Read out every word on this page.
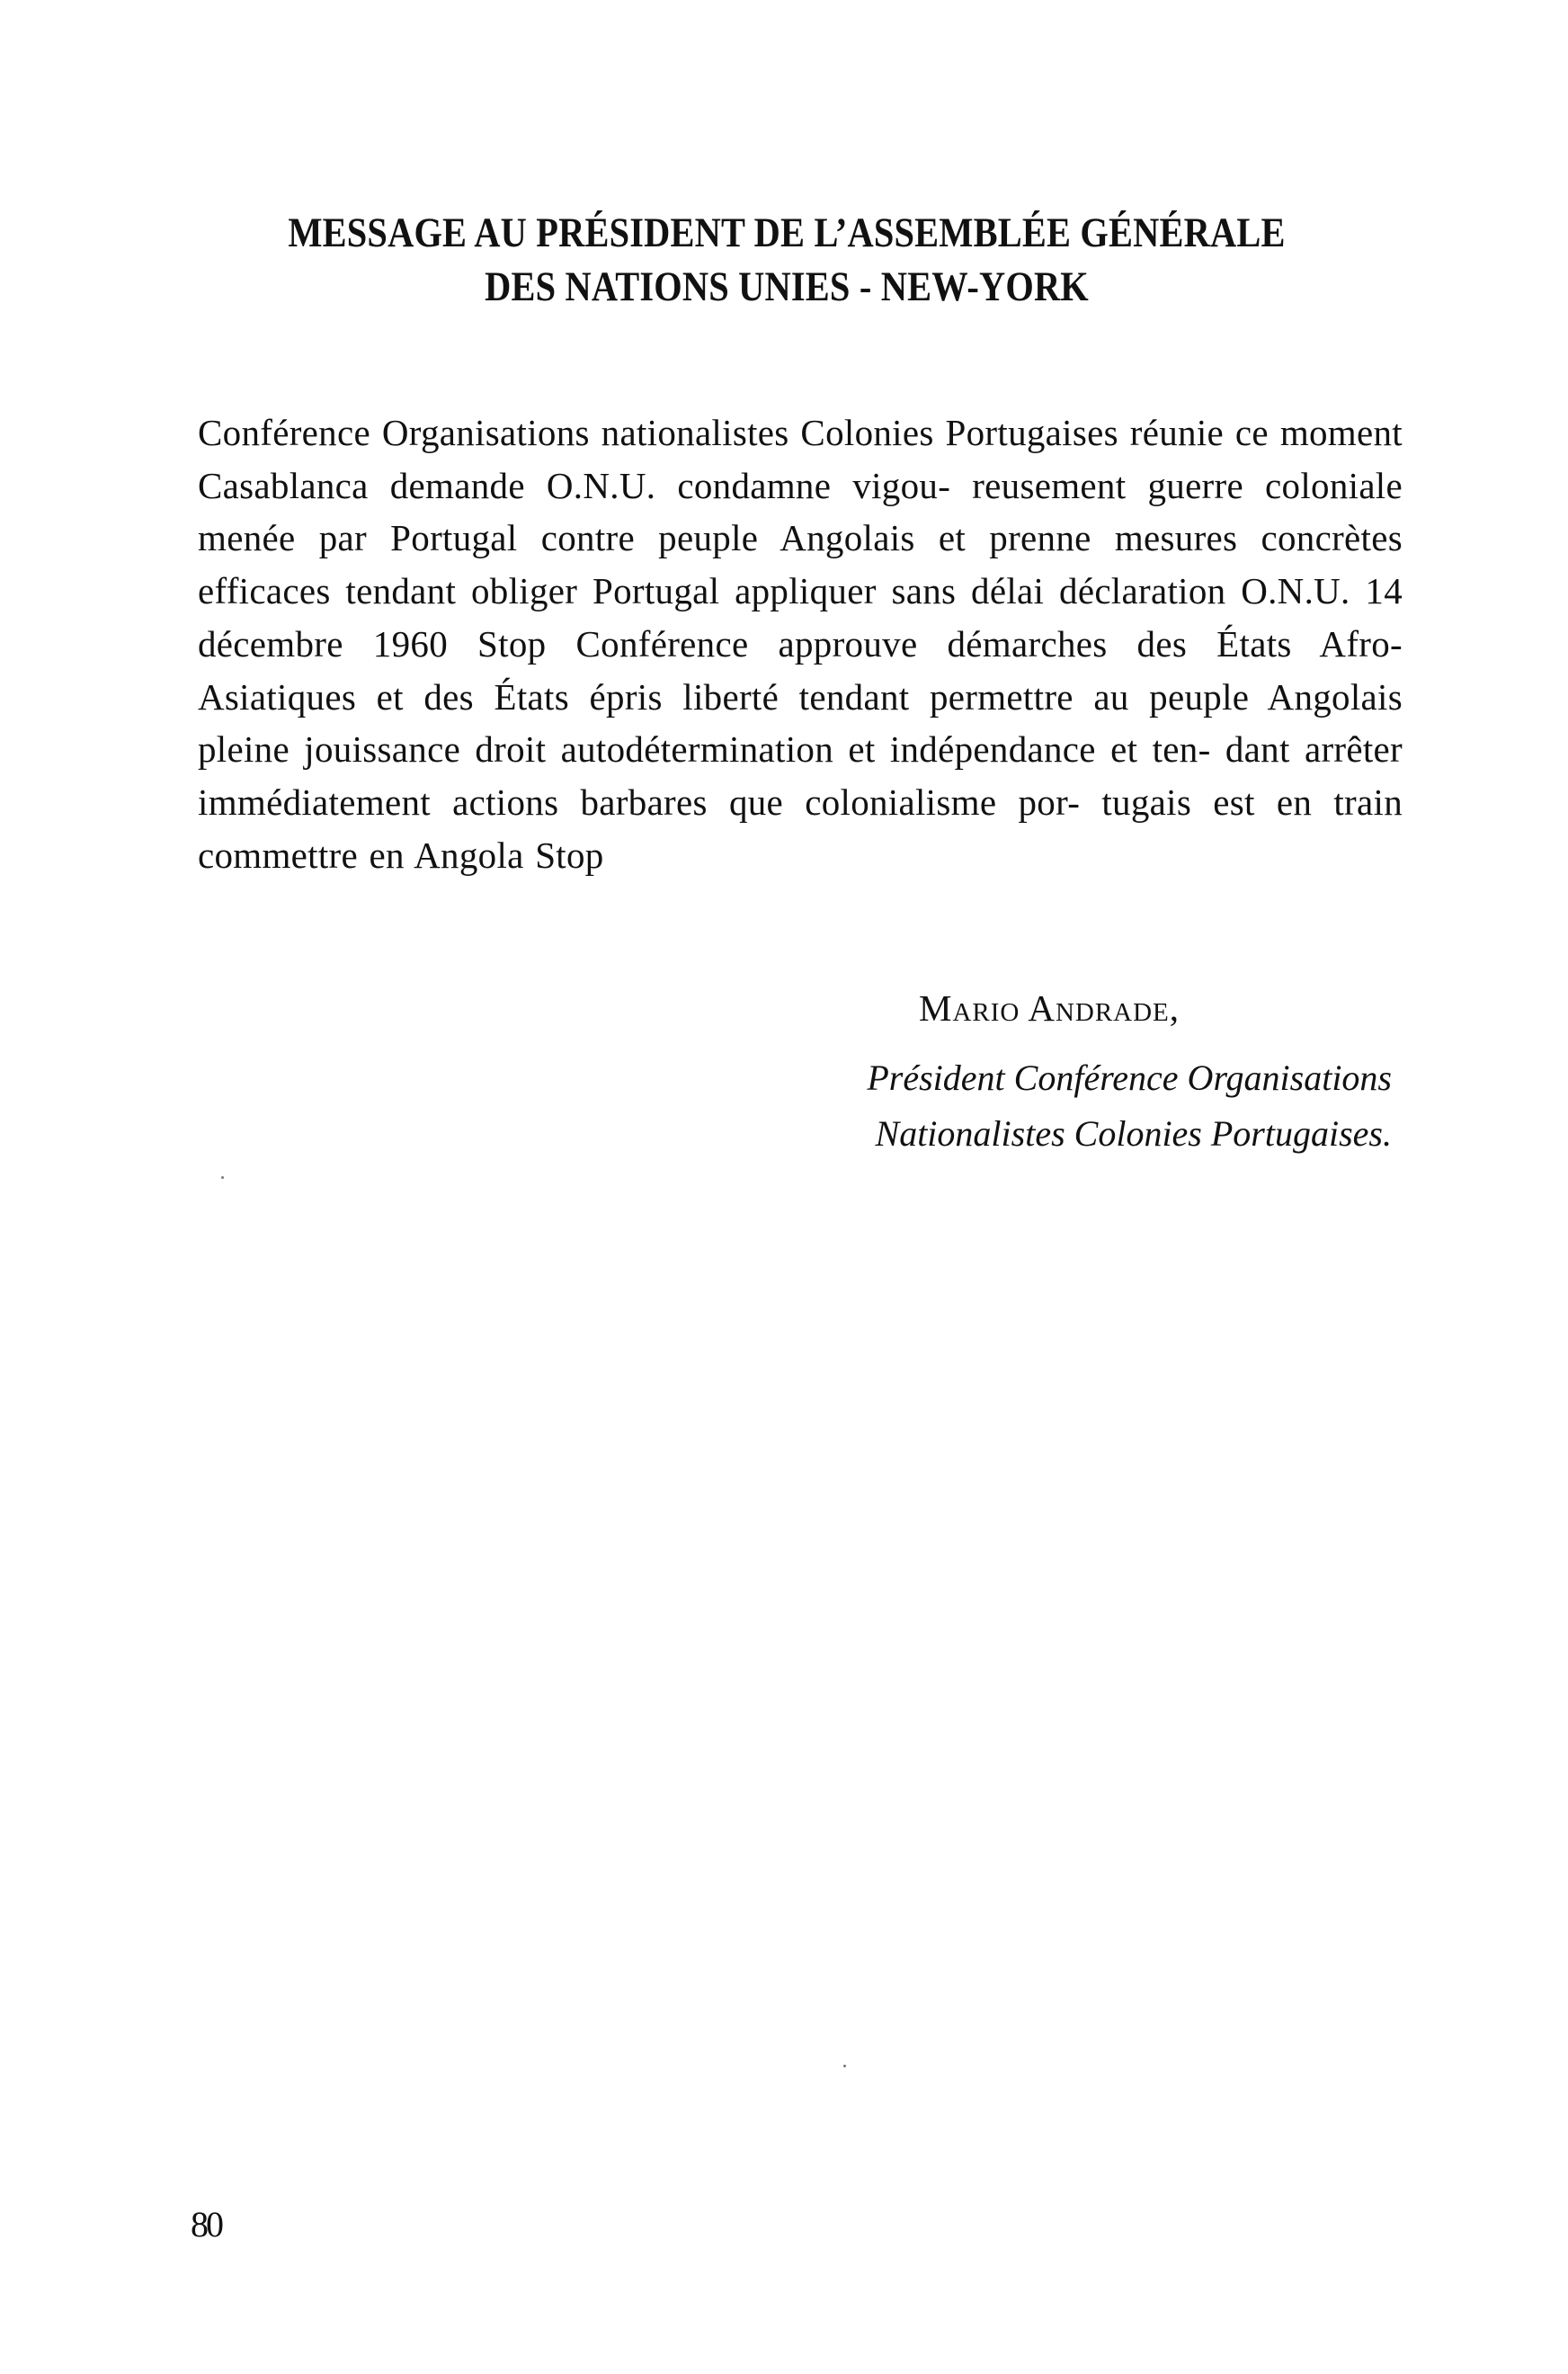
MESSAGE AU PRÉSIDENT DE L’ASSEMBLÉE GÉNÉRALE
DES NATIONS UNIES - NEW-YORK

Conférence Organisations nationalistes Colonies Portugaises réunie ce moment Casablanca demande O.N.U. condamne vigou- reusement guerre coloniale menée par Portugal contre peuple Angolais et prenne mesures concrètes efficaces tendant obliger Portugal appliquer sans délai déclaration O.N.U. 14 décembre 1960 Stop Conférence approuve démarches des États Afro-Asiatiques et des États épris liberté tendant permettre au peuple Angolais pleine jouissance droit autodétermination et indépendance et ten- dant arrêter immédiatement actions barbares que colonialisme por- tugais est en train commettre en Angola Stop

Mario Andrade,

Président Conférence Organisations

Nationalistes Colonies Portugaises.

80
